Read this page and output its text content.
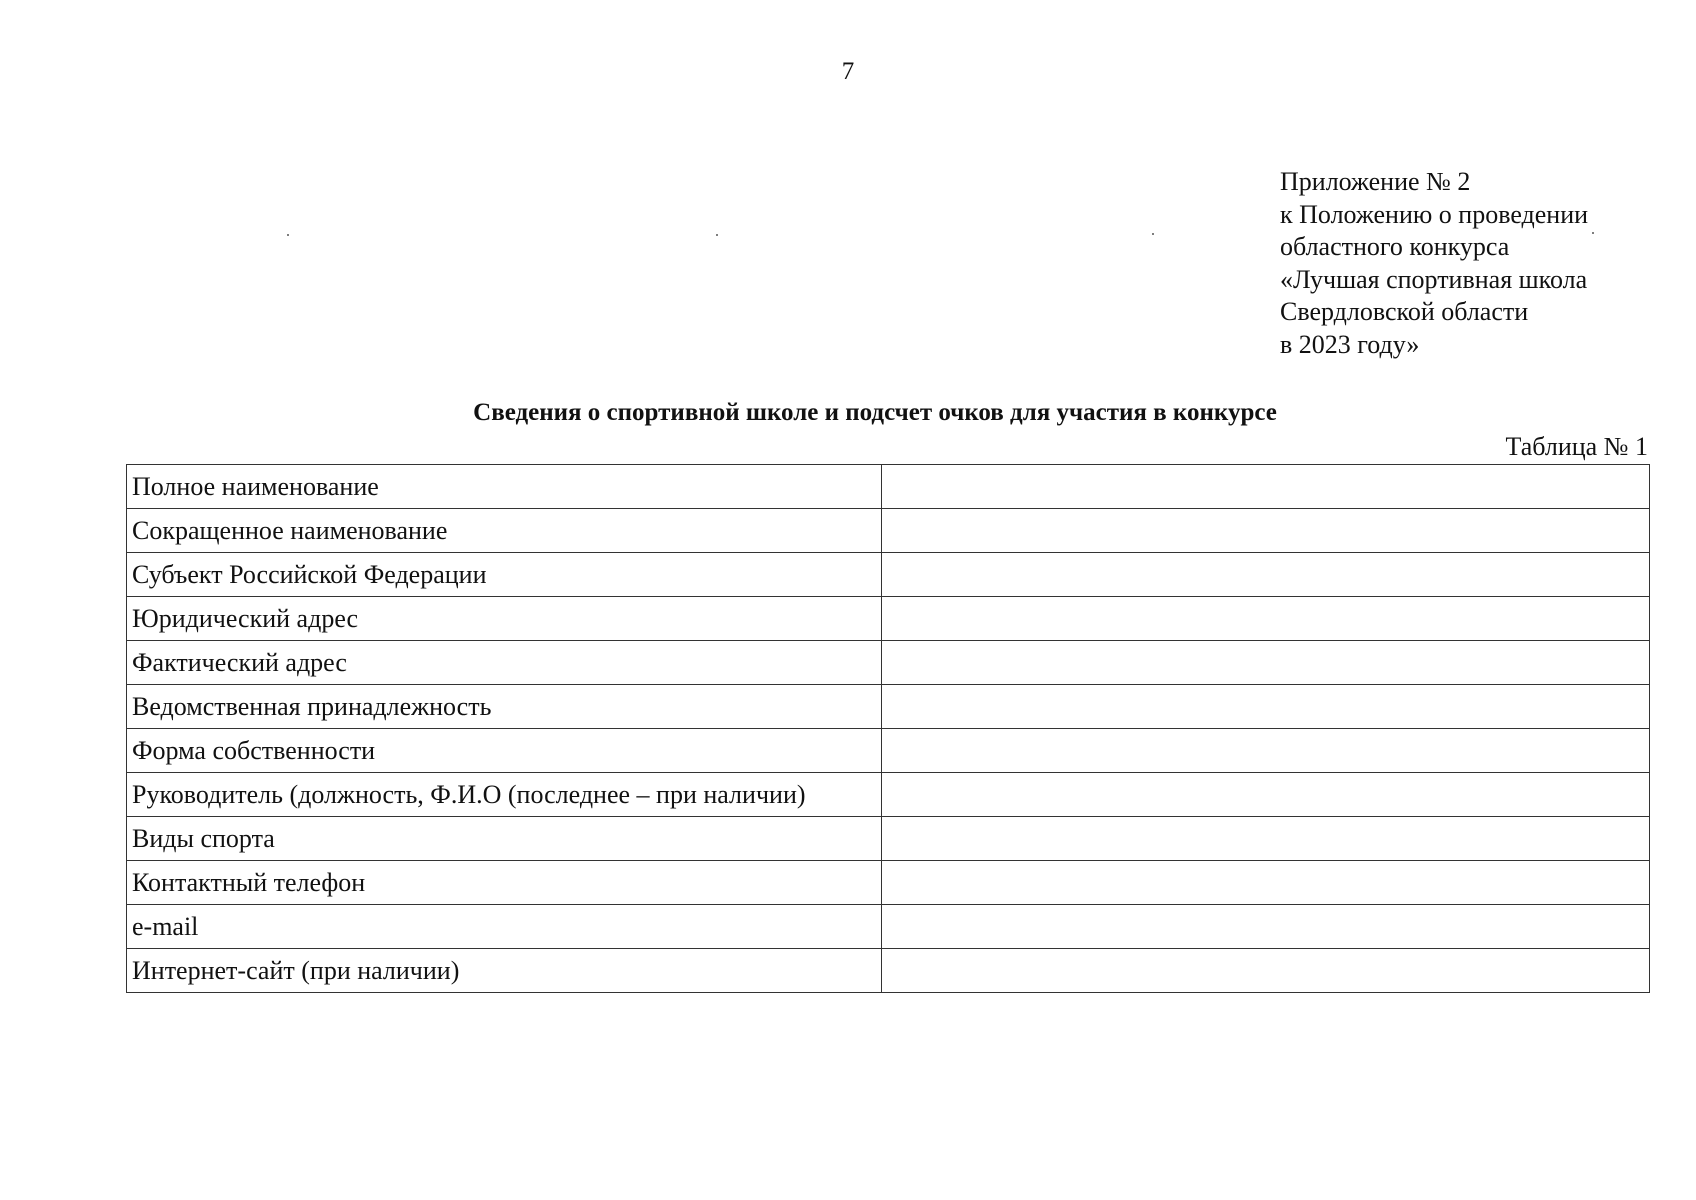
7
Приложение № 2
к Положению о проведении
областного конкурса
«Лучшая спортивная школа
Свердловской области
в 2023 году»
Сведения о спортивной школе и подсчет очков для участия в конкурсе
Таблица № 1
Полное наименование	
Сокращенное наименование	
Субъект Российской Федерации	
Юридический адрес	
Фактический адрес	
Ведомственная принадлежность	
Форма собственности	
Руководитель (должность, Ф.И.О (последнее – при наличии)	
Виды спорта	
Контактный телефон	
e-mail	
Интернет-сайт (при наличии)	
